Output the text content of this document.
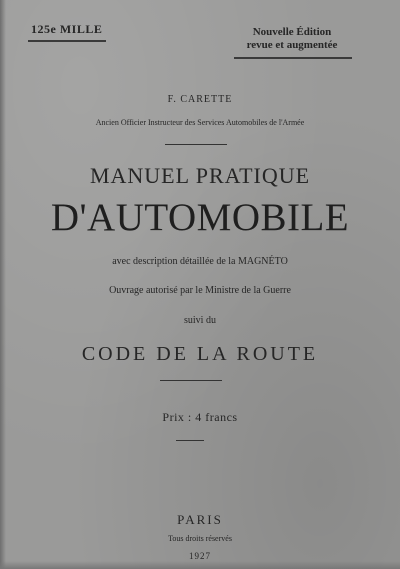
125e MILLE	Nouvelle Édition
revue et augmentée
F. CARETTE
Ancien Officier Instructeur des Services Automobiles de l'Armée
MANUEL PRATIQUE
D'AUTOMOBILE
avec description détaillée de la MAGNÉTO
Ouvrage autorisé par le Ministre de la Guerre
suivi du
CODE DE LA ROUTE
Prix : 4 francs
PARIS
Tous droits réservés
1927
